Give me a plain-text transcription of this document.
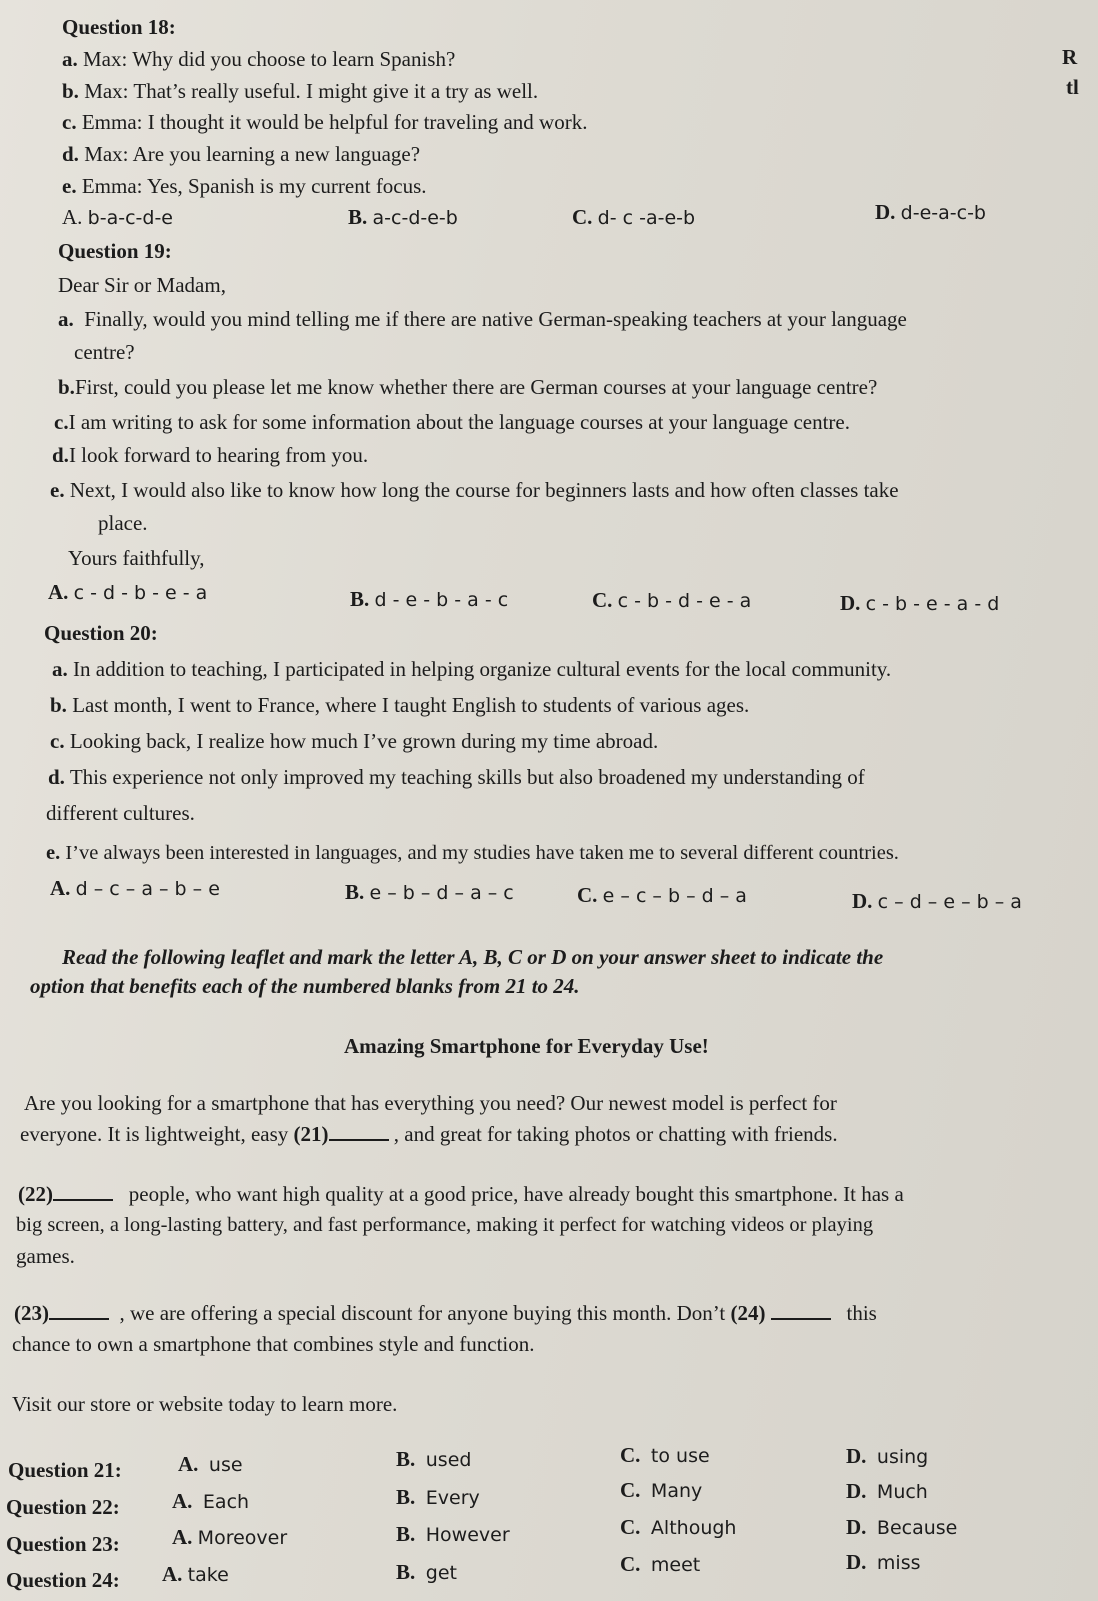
Question 18:
R
tl
a. Max: Why did you choose to learn Spanish?
b. Max: That’s really useful. I might give it a try as well.
c. Emma: I thought it would be helpful for traveling and work.
d. Max: Are you learning a new language?
e. Emma: Yes, Spanish is my current focus.
A. b-a-c-d-e	B. a-c-d-e-b	C. d- c -a-e-b	D. d-e-a-c-b
Question 19:
Dear Sir or Madam,
a. Finally, would you mind telling me if there are native German-speaking teachers at your language
centre?
b.First, could you please let me know whether there are German courses at your language centre?
c.I am writing to ask for some information about the language courses at your language centre.
d.I look forward to hearing from you.
e. Next, I would also like to know how long the course for beginners lasts and how often classes take
place.
Yours faithfully,
A. c - d - b - e - a	B. d - e - b - a - c	C. c - b - d - e - a	D. c - b - e - a - d
Question 20:
a. In addition to teaching, I participated in helping organize cultural events for the local community.
b. Last month, I went to France, where I taught English to students of various ages.
c. Looking back, I realize how much I’ve grown during my time abroad.
d. This experience not only improved my teaching skills but also broadened my understanding of
different cultures.
e. I’ve always been interested in languages, and my studies have taken me to several different countries.
A. d – c – a – b – e	B. e – b – d – a – c	C. e – c – b – d – a	D. c – d – e – b – a
Read the following leaflet and mark the letter A, B, C or D on your answer sheet to indicate the
option that benefits each of the numbered blanks from 21 to 24.
Amazing Smartphone for Everyday Use!
Are you looking for a smartphone that has everything you need? Our newest model is perfect for
everyone. It is lightweight, easy (21)	, and great for taking photos or chatting with friends.
(22)	people, who want high quality at a good price, have already bought this smartphone. It has a
big screen, a long-lasting battery, and fast performance, making it perfect for watching videos or playing
games.
(23)	, we are offering a special discount for anyone buying this month. Don’t (24)	this
chance to own a smartphone that combines style and function.
Visit our store or website today to learn more.
Question 21:	A. use	B. used	C. to use	D. using
Question 22: A. Each	B. Every	C. Many	D. Much
Question 23: A. Moreover	B. However	C. Although	D. Because
Question 24: A. take	B. get	C. meet	D. miss
